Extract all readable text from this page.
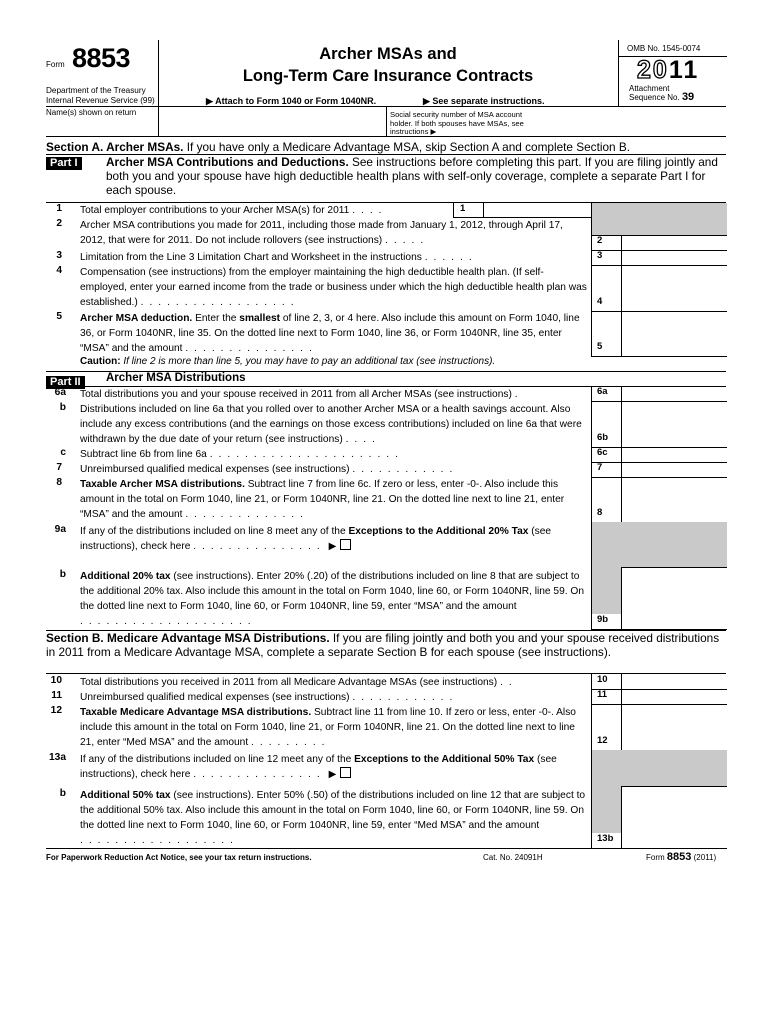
Form 8853
Department of the Treasury
Internal Revenue Service (99)
Archer MSAs and
Long-Term Care Insurance Contracts
▶ Attach to Form 1040 or Form 1040NR.	▶ See separate instructions.
OMB No. 1545-0074
2011
Attachment
Sequence No. 39
Name(s) shown on return	Social security number of MSA account holder. If both spouses have MSAs, see instructions ▶
Section A. Archer MSAs. If you have only a Medicare Advantage MSA, skip Section A and complete Section B.
Part I Archer MSA Contributions and Deductions. See instructions before completing this part. If you are filing jointly and both you and your spouse have high deductible health plans with self-only coverage, complete a separate Part I for each spouse.
1 Total employer contributions to your Archer MSA(s) for 2011 ....	1
2 Archer MSA contributions you made for 2011, including those made from January 1, 2012, through April 17, 2012, that were for 2011. Do not include rollovers (see instructions) .....	2
3 Limitation from the Line 3 Limitation Chart and Worksheet in the instructions ......	3
4 Compensation (see instructions) from the employer maintaining the high deductible health plan. (If self-employed, enter your earned income from the trade or business under which the high deductible health plan was established.) ..................	4
5 Archer MSA deduction. Enter the smallest of line 2, 3, or 4 here. Also include this amount on Form 1040, line 36, or Form 1040NR, line 35. On the dotted line next to Form 1040, line 36, or Form 1040NR, line 35, enter “MSA” and the amount ...............	5
Caution: If line 2 is more than line 5, you may have to pay an additional tax (see instructions).
Part II Archer MSA Distributions
6a Total distributions you and your spouse received in 2011 from all Archer MSAs (see instructions) .	6a
b Distributions included on line 6a that you rolled over to another Archer MSA or a health savings account. Also include any excess contributions (and the earnings on those excess contributions) included on line 6a that were withdrawn by the due date of your return (see instructions) ....	6b
c Subtract line 6b from line 6a ......................	6c
7 Unreimbursed qualified medical expenses (see instructions) ............	7
8 Taxable Archer MSA distributions. Subtract line 7 from line 6c. If zero or less, enter -0-. Also include this amount in the total on Form 1040, line 21, or Form 1040NR, line 21. On the dotted line next to line 21, enter “MSA” and the amount ..............	8
9a If any of the distributions included on line 8 meet any of the Exceptions to the Additional 20% Tax (see instructions), check here ............... ▶
b Additional 20% tax (see instructions). Enter 20% (.20) of the distributions included on line 8 that are subject to the additional 20% tax. Also include this amount in the total on Form 1040, line 60, or Form 1040NR, line 59. On the dotted line next to Form 1040, line 60, or Form 1040NR, line 59, enter “MSA” and the amount ....................	9b
Section B. Medicare Advantage MSA Distributions. If you are filing jointly and both you and your spouse received distributions in 2011 from a Medicare Advantage MSA, complete a separate Section B for each spouse (see instructions).
10 Total distributions you received in 2011 from all Medicare Advantage MSAs (see instructions) ..	10
11 Unreimbursed qualified medical expenses (see instructions) ............	11
12 Taxable Medicare Advantage MSA distributions. Subtract line 11 from line 10. If zero or less, enter -0-. Also include this amount in the total on Form 1040, line 21, or Form 1040NR, line 21. On the dotted line next to line 21, enter “Med MSA” and the amount .........	12
13a If any of the distributions included on line 12 meet any of the Exceptions to the Additional 50% Tax (see instructions), check here ............... ▶
b Additional 50% tax (see instructions). Enter 50% (.50) of the distributions included on line 12 that are subject to the additional 50% tax. Also include this amount in the total on Form 1040, line 60, or Form 1040NR, line 59. On the dotted line next to Form 1040, line 60, or Form 1040NR, line 59, enter “Med MSA” and the amount ..................	13b
For Paperwork Reduction Act Notice, see your tax return instructions.	Cat. No. 24091H	Form 8853 (2011)
